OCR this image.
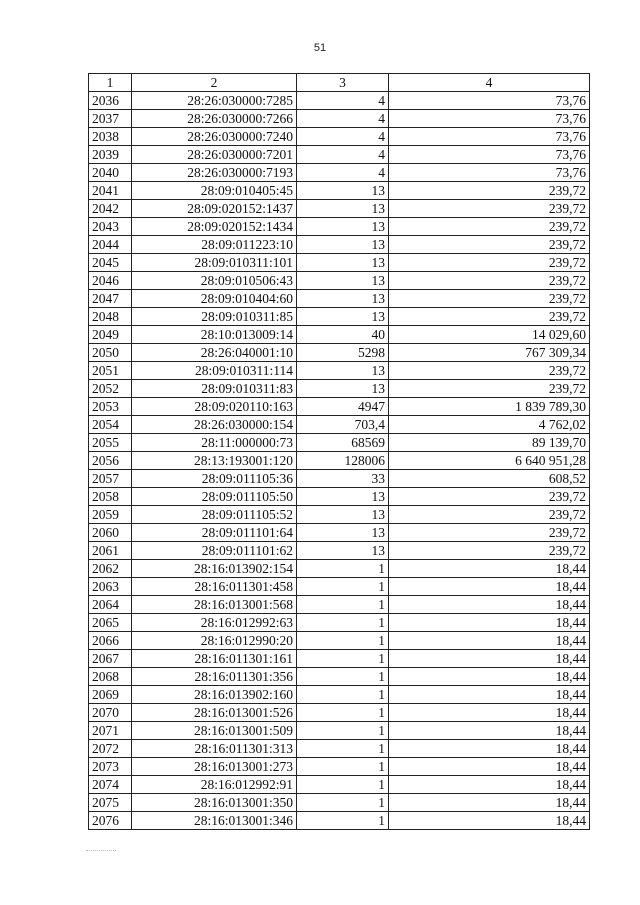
51
1	2	3	4
2036	28:26:030000:7285	4	73,76
2037	28:26:030000:7266	4	73,76
2038	28:26:030000:7240	4	73,76
2039	28:26:030000:7201	4	73,76
2040	28:26:030000:7193	4	73,76
2041	28:09:010405:45	13	239,72
2042	28:09:020152:1437	13	239,72
2043	28:09:020152:1434	13	239,72
2044	28:09:011223:10	13	239,72
2045	28:09:010311:101	13	239,72
2046	28:09:010506:43	13	239,72
2047	28:09:010404:60	13	239,72
2048	28:09:010311:85	13	239,72
2049	28:10:013009:14	40	14 029,60
2050	28:26:040001:10	5298	767 309,34
2051	28:09:010311:114	13	239,72
2052	28:09:010311:83	13	239,72
2053	28:09:020110:163	4947	1 839 789,30
2054	28:26:030000:154	703,4	4 762,02
2055	28:11:000000:73	68569	89 139,70
2056	28:13:193001:120	128006	6 640 951,28
2057	28:09:011105:36	33	608,52
2058	28:09:011105:50	13	239,72
2059	28:09:011105:52	13	239,72
2060	28:09:011101:64	13	239,72
2061	28:09:011101:62	13	239,72
2062	28:16:013902:154	1	18,44
2063	28:16:011301:458	1	18,44
2064	28:16:013001:568	1	18,44
2065	28:16:012992:63	1	18,44
2066	28:16:012990:20	1	18,44
2067	28:16:011301:161	1	18,44
2068	28:16:011301:356	1	18,44
2069	28:16:013902:160	1	18,44
2070	28:16:013001:526	1	18,44
2071	28:16:013001:509	1	18,44
2072	28:16:011301:313	1	18,44
2073	28:16:013001:273	1	18,44
2074	28:16:012992:91	1	18,44
2075	28:16:013001:350	1	18,44
2076	28:16:013001:346	1	18,44
